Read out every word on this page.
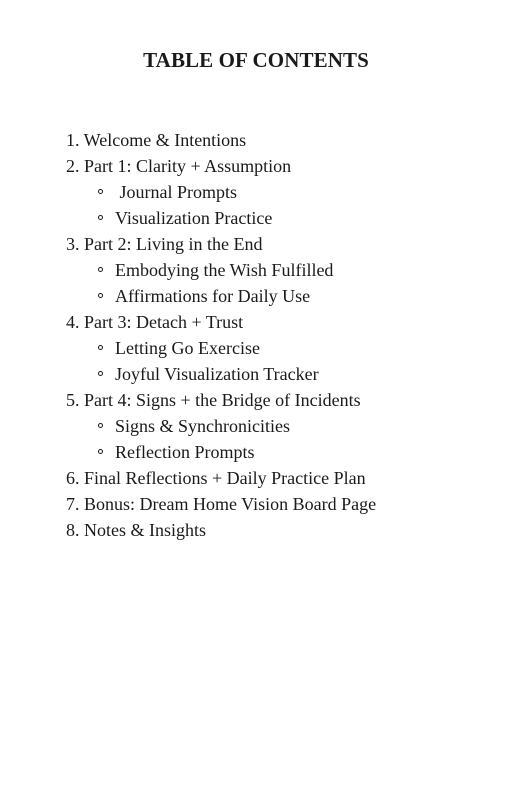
TABLE OF CONTENTS
1. Welcome & Intentions
2. Part 1: Clarity + Assumption
Journal Prompts
Visualization Practice
3. Part 2: Living in the End
Embodying the Wish Fulfilled
Affirmations for Daily Use
4. Part 3: Detach + Trust
Letting Go Exercise
Joyful Visualization Tracker
5. Part 4: Signs + the Bridge of Incidents
Signs & Synchronicities
Reflection Prompts
6. Final Reflections + Daily Practice Plan
7. Bonus: Dream Home Vision Board Page
8. Notes & Insights
